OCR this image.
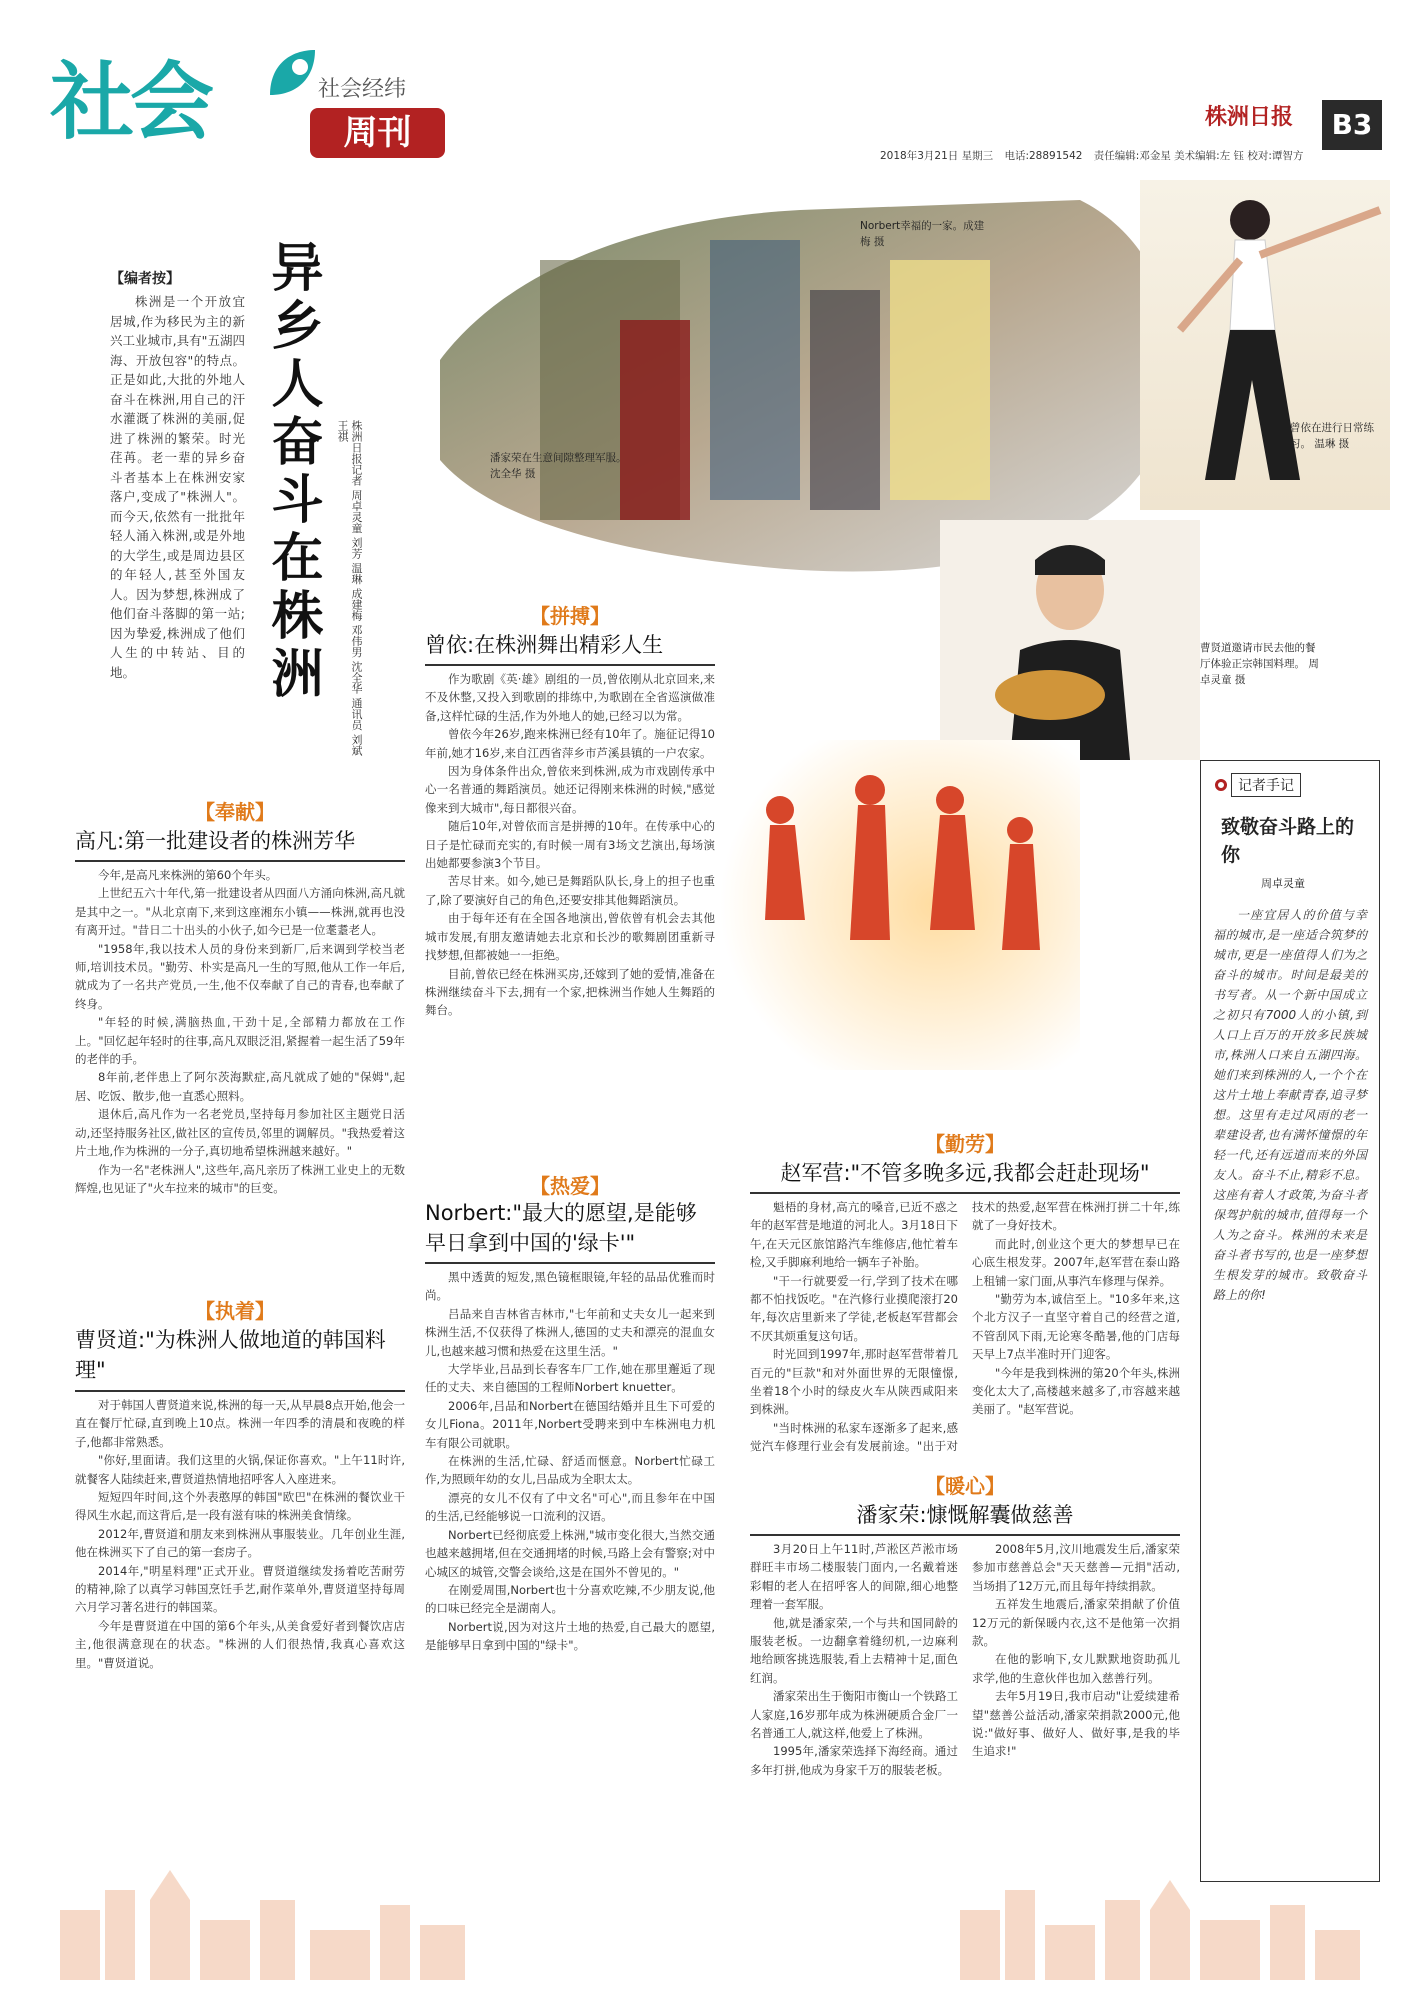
社会	社会经纬
周刊	株洲日报	B3
2018年3月21日 星期三 电话:28891542 责任编辑:邓金星 美术编辑:左 钰 校对:谭智方
Norbert幸福的一家。成建梅 摄
潘家荣在生意间隙整理军服。 沈全华 摄
曾依在进行日常练习。 温琳 摄
曹贤道邀请市民去他的餐厅体验正宗韩国料理。 周卓灵童 摄
【编者按】
株洲是一个开放宜居城,作为移民为主的新兴工业城市,具有"五湖四海、开放包容"的特点。正是如此,大批的外地人奋斗在株洲,用自己的汗水灌溉了株洲的美丽,促进了株洲的繁荣。时光荏苒。老一辈的异乡奋斗者基本上在株洲安家落户,变成了"株洲人"。而今天,依然有一批批年轻人涌入株洲,或是外地的大学生,或是周边县区的年轻人,甚至外国友人。因为梦想,株洲成了他们奋斗落脚的第一站;因为挚爱,株洲成了他们人生的中转站、目的地。	异乡人奋斗在株洲	株洲日报记者 周卓灵童 刘芳 温琳 成建梅 邓伟男 沈全华 通讯员 刘斌 王祺
【奉献】
高凡:第一批建设者的株洲芳华

今年,是高凡来株洲的第60个年头。

上世纪五六十年代,第一批建设者从四面八方涌向株洲,高凡就是其中之一。"从北京南下,来到这座湘东小镇——株洲,就再也没有离开过。"昔日二十出头的小伙子,如今已是一位耄耋老人。

"1958年,我以技术人员的身份来到新厂,后来调到学校当老师,培训技术员。"勤劳、朴实是高凡一生的写照,他从工作一年后,就成为了一名共产党员,一生,他不仅奉献了自己的青春,也奉献了终身。

"年轻的时候,满脑热血,干劲十足,全部精力都放在工作上。"回忆起年轻时的往事,高凡双眼泛泪,紧握着一起生活了59年的老伴的手。

8年前,老伴患上了阿尔茨海默症,高凡就成了她的"保姆",起居、吃饭、散步,他一直悉心照料。

退休后,高凡作为一名老党员,坚持每月参加社区主题党日活动,还坚持服务社区,做社区的宣传员,邻里的调解员。"我热爱着这片土地,作为株洲的一分子,真切地希望株洲越来越好。"

作为一名"老株洲人",这些年,高凡亲历了株洲工业史上的无数辉煌,也见证了"火车拉来的城市"的巨变。

【执着】
曹贤道:"为株洲人做地道的韩国料理"

对于韩国人曹贤道来说,株洲的每一天,从早晨8点开始,他会一直在餐厅忙碌,直到晚上10点。株洲一年四季的清晨和夜晚的样子,他都非常熟悉。

"你好,里面请。我们这里的火锅,保证你喜欢。"上午11时许,就餐客人陆续赶来,曹贤道热情地招呼客人入座进来。

短短四年时间,这个外表憨厚的韩国"欧巴"在株洲的餐饮业干得风生水起,而这背后,是一段有滋有味的株洲美食情缘。

2012年,曹贤道和朋友来到株洲从事服装业。几年创业生涯,他在株洲买下了自己的第一套房子。

2014年,"明星料理"正式开业。曹贤道继续发扬着吃苦耐劳的精神,除了以真学习韩国烹饪手艺,耐作菜单外,曹贤道坚持每周六月学习著名进行的韩国菜。

今年是曹贤道在中国的第6个年头,从美食爱好者到餐饮店店主,他很满意现在的状态。"株洲的人们很热情,我真心喜欢这里。"曹贤道说。

【拼搏】
曾依:在株洲舞出精彩人生

作为歌剧《英·雄》剧组的一员,曾依刚从北京回来,来不及休整,又投入到歌剧的排练中,为歌剧在全省巡演做准备,这样忙碌的生活,作为外地人的她,已经习以为常。

曾依今年26岁,跑来株洲已经有10年了。施征记得10年前,她才16岁,来自江西省萍乡市芦溪县镇的一户农家。

因为身体条件出众,曾依来到株洲,成为市戏剧传承中心一名普通的舞蹈演员。她还记得刚来株洲的时候,"感觉像来到大城市",每日都很兴奋。

随后10年,对曾依而言是拼搏的10年。在传承中心的日子是忙碌而充实的,有时候一周有3场文艺演出,每场演出她都要参演3个节目。

苦尽甘来。如今,她已是舞蹈队队长,身上的担子也重了,除了要演好自己的角色,还要安排其他舞蹈演员。

由于每年还有在全国各地演出,曾依曾有机会去其他城市发展,有朋友邀请她去北京和长沙的歌舞剧团重新寻找梦想,但都被她一一拒绝。

目前,曾依已经在株洲买房,还嫁到了她的爱情,准备在株洲继续奋斗下去,拥有一个家,把株洲当作她人生舞蹈的舞台。

【热爱】
Norbert:"最大的愿望,是能够早日拿到中国的'绿卡'"

黑中透黄的短发,黑色镜框眼镜,年轻的品品优雅而时尚。

吕品来自吉林省吉林市,"七年前和丈夫女儿一起来到株洲生活,不仅获得了株洲人,德国的丈夫和漂亮的混血女儿,也越来越习惯和热爱在这里生活。"

大学毕业,吕品到长春客车厂工作,她在那里邂逅了现任的丈夫、来自德国的工程师Norbert knuetter。

2006年,吕品和Norbert在德国结婚并且生下可爱的女儿Fiona。2011年,Norbert受聘来到中车株洲电力机车有限公司就职。

在株洲的生活,忙碌、舒适而惬意。Norbert忙碌工作,为照顾年幼的女儿,吕品成为全职太太。

漂亮的女儿不仅有了中文名"可心",而且参年在中国的生活,已经能够说一口流利的汉语。

Norbert已经彻底爱上株洲,"城市变化很大,当然交通也越来越拥堵,但在交通拥堵的时候,马路上会有警察;对中心城区的城管,交警会谈给,这是在国外不曾见的。"

在刚爱周围,Norbert也十分喜欢吃辣,不少朋友说,他的口味已经完全是湖南人。

Norbert说,因为对这片土地的热爱,自己最大的愿望,是能够早日拿到中国的"绿卡"。

【勤劳】
赵军营:"不管多晚多远,我都会赶赴现场"

魁梧的身材,高亢的嗓音,已近不惑之年的赵军营是地道的河北人。3月18日下午,在天元区旅馆路汽车维修店,他忙着车检,又手脚麻利地给一辆车子补胎。

"干一行就要爱一行,学到了技术在哪都不怕找饭吃。"在汽修行业摸爬滚打20年,每次店里新来了学徒,老板赵军营都会不厌其烦重复这句话。

时光回到1997年,那时赵军营带着几百元的"巨款"和对外面世界的无限憧憬,坐着18个小时的绿皮火车从陕西咸阳来到株洲。

"当时株洲的私家车逐渐多了起来,感觉汽车修理行业会有发展前途。"出于对技术的热爱,赵军营在株洲打拼二十年,练就了一身好技术。

而此时,创业这个更大的梦想早已在心底生根发芽。2007年,赵军营在泰山路上租铺一家门面,从事汽车修理与保养。

"勤劳为本,诚信至上。"10多年来,这个北方汉子一直坚守着自己的经营之道,不管刮风下雨,无论寒冬酷暑,他的门店每天早上7点半准时开门迎客。

"今年是我到株洲的第20个年头,株洲变化太大了,高楼越来越多了,市容越来越美丽了。"赵军营说。

【暖心】
潘家荣:慷慨解囊做慈善

3月20日上午11时,芦淞区芦淞市场群旺丰市场二楼服装门面内,一名戴着迷彩帽的老人在招呼客人的间隙,细心地整理着一套军服。

他,就是潘家荣,一个与共和国同龄的服装老板。一边翻拿着缝纫机,一边麻利地给顾客挑选服装,看上去精神十足,面色红润。

潘家荣出生于衡阳市衡山一个铁路工人家庭,16岁那年成为株洲硬质合金厂一名普通工人,就这样,他爱上了株洲。

1995年,潘家荣选择下海经商。通过多年打拼,他成为身家千万的服装老板。

2008年5月,汶川地震发生后,潘家荣参加市慈善总会"天天慈善—元捐"活动,当场捐了12万元,而且每年持续捐款。

五祥发生地震后,潘家荣捐献了价值12万元的新保暖内衣,这不是他第一次捐款。

在他的影响下,女儿默默地资助孤儿求学,他的生意伙伴也加入慈善行列。

去年5月19日,我市启动"让爱续建希望"慈善公益活动,潘家荣捐款2000元,他说:"做好事、做好人、做好事,是我的毕生追求!"

记者手记
致敬奋斗路上的你
周卓灵童
一座宜居人的价值与幸福的城市,是一座适合筑梦的城市,更是一座值得人们为之奋斗的城市。时间是最美的书写者。从一个新中国成立之初只有7000人的小镇,到人口上百万的开放多民族城市,株洲人口来自五湖四海。她们来到株洲的人,一个个在这片土地上奉献青春,追寻梦想。这里有走过风雨的老一辈建设者,也有满怀憧憬的年轻一代,还有远道而来的外国友人。奋斗不止,精彩不息。这座有着人才政策,为奋斗者保驾护航的城市,值得每一个人为之奋斗。株洲的未来是奋斗者书写的,也是一座梦想生根发芽的城市。致敬奋斗路上的你!
